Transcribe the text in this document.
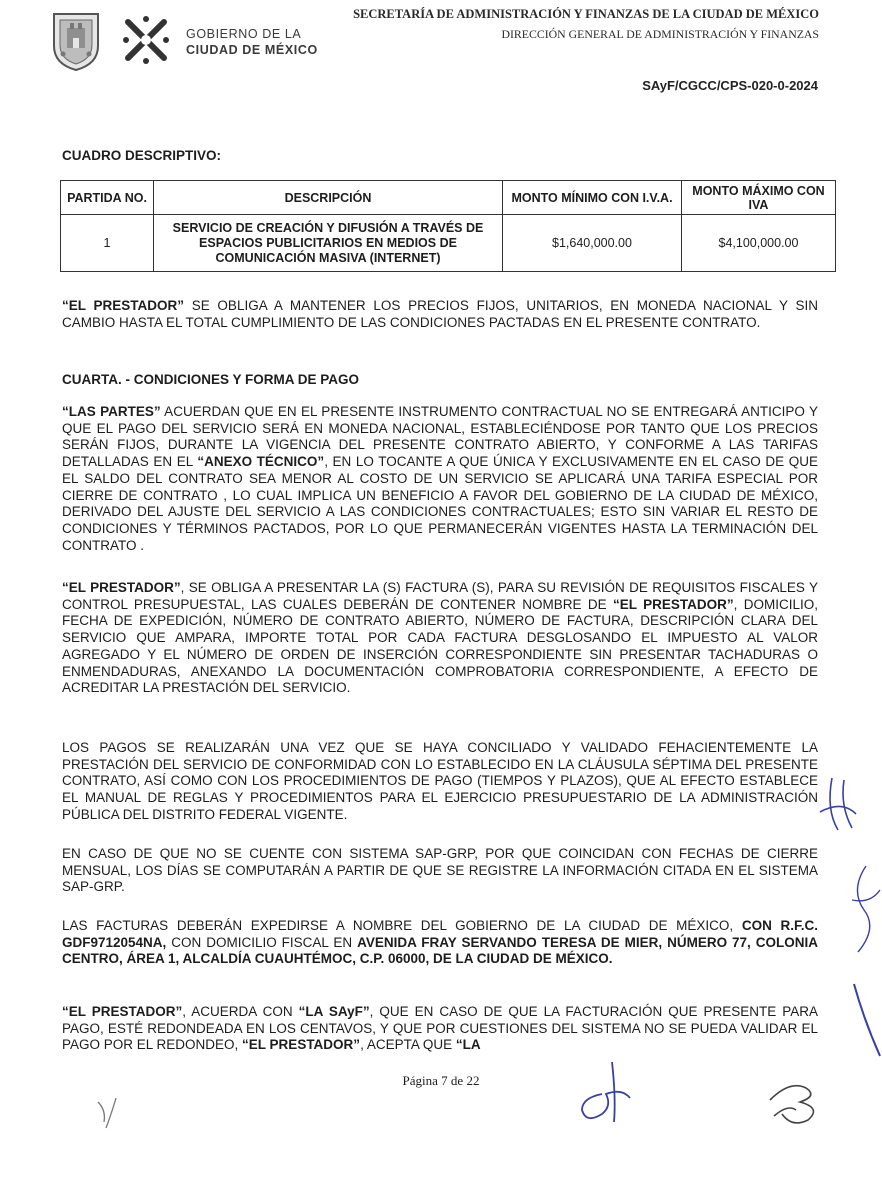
GOBIERNO DE LA
CIUDAD DE MÉXICO
SECRETARÍA DE ADMINISTRACIÓN Y FINANZAS DE LA CIUDAD DE MÉXICO
DIRECCIÓN GENERAL DE ADMINISTRACIÓN Y FINANZAS
SAyF/CGCC/CPS-020-0-2024
CUADRO DESCRIPTIVO:
PARTIDA NO.	DESCRIPCIÓN	MONTO MÍNIMO CON I.V.A.	MONTO MÁXIMO CON IVA
1	SERVICIO DE CREACIÓN Y DIFUSIÓN A TRAVÉS DE ESPACIOS PUBLICITARIOS EN MEDIOS DE COMUNICACIÓN MASIVA (INTERNET)	$1,640,000.00	$4,100,000.00
“EL PRESTADOR” SE OBLIGA A MANTENER LOS PRECIOS FIJOS, UNITARIOS, EN MONEDA NACIONAL Y SIN CAMBIO HASTA EL TOTAL CUMPLIMIENTO DE LAS CONDICIONES PACTADAS EN EL PRESENTE CONTRATO.
CUARTA. - CONDICIONES Y FORMA DE PAGO
“LAS PARTES” ACUERDAN QUE EN EL PRESENTE INSTRUMENTO CONTRACTUAL NO SE ENTREGARÁ ANTICIPO Y QUE EL PAGO DEL SERVICIO SERÁ EN MONEDA NACIONAL, ESTABLECIÉNDOSE POR TANTO QUE LOS PRECIOS SERÁN FIJOS, DURANTE LA VIGENCIA DEL PRESENTE CONTRATO ABIERTO, Y CONFORME A LAS TARIFAS DETALLADAS EN EL “ANEXO TÉCNICO”, EN LO TOCANTE A QUE ÚNICA Y EXCLUSIVAMENTE EN EL CASO DE QUE EL SALDO DEL CONTRATO SEA MENOR AL COSTO DE UN SERVICIO SE APLICARÁ UNA TARIFA ESPECIAL POR CIERRE DE CONTRATO , LO CUAL IMPLICA UN BENEFICIO A FAVOR DEL GOBIERNO DE LA CIUDAD DE MÉXICO, DERIVADO DEL AJUSTE DEL SERVICIO A LAS CONDICIONES CONTRACTUALES; ESTO SIN VARIAR EL RESTO DE CONDICIONES Y TÉRMINOS PACTADOS, POR LO QUE PERMANECERÁN VIGENTES HASTA LA TERMINACIÓN DEL CONTRATO .
“EL PRESTADOR”, SE OBLIGA A PRESENTAR LA (S) FACTURA (S), PARA SU REVISIÓN DE REQUISITOS FISCALES Y CONTROL PRESUPUESTAL, LAS CUALES DEBERÁN DE CONTENER NOMBRE DE “EL PRESTADOR”, DOMICILIO, FECHA DE EXPEDICIÓN, NÚMERO DE CONTRATO ABIERTO, NÚMERO DE FACTURA, DESCRIPCIÓN CLARA DEL SERVICIO QUE AMPARA, IMPORTE TOTAL POR CADA FACTURA DESGLOSANDO EL IMPUESTO AL VALOR AGREGADO Y EL NÚMERO DE ORDEN DE INSERCIÓN CORRESPONDIENTE SIN PRESENTAR TACHADURAS O ENMENDADURAS, ANEXANDO LA DOCUMENTACIÓN COMPROBATORIA CORRESPONDIENTE, A EFECTO DE ACREDITAR LA PRESTACIÓN DEL SERVICIO.
LOS PAGOS SE REALIZARÁN UNA VEZ QUE SE HAYA CONCILIADO Y VALIDADO FEHACIENTEMENTE LA PRESTACIÓN DEL SERVICIO DE CONFORMIDAD CON LO ESTABLECIDO EN LA CLÁUSULA SÉPTIMA DEL PRESENTE CONTRATO, ASÍ COMO CON LOS PROCEDIMIENTOS DE PAGO (TIEMPOS Y PLAZOS), QUE AL EFECTO ESTABLECE EL MANUAL DE REGLAS Y PROCEDIMIENTOS PARA EL EJERCICIO PRESUPUESTARIO DE LA ADMINISTRACIÓN PÚBLICA DEL DISTRITO FEDERAL VIGENTE.
EN CASO DE QUE NO SE CUENTE CON SISTEMA SAP-GRP, POR QUE COINCIDAN CON FECHAS DE CIERRE MENSUAL, LOS DÍAS SE COMPUTARÁN A PARTIR DE QUE SE REGISTRE LA INFORMACIÓN CITADA EN EL SISTEMA SAP-GRP.
LAS FACTURAS DEBERÁN EXPEDIRSE A NOMBRE DEL GOBIERNO DE LA CIUDAD DE MÉXICO, CON R.F.C. GDF9712054NA, CON DOMICILIO FISCAL EN AVENIDA FRAY SERVANDO TERESA DE MIER, NÚMERO 77, COLONIA CENTRO, ÁREA 1, ALCALDÍA CUAUHTÉMOC, C.P. 06000, DE LA CIUDAD DE MÉXICO.
“EL PRESTADOR”, ACUERDA CON “LA SAyF”, QUE EN CASO DE QUE LA FACTURACIÓN QUE PRESENTE PARA PAGO, ESTÉ REDONDEADA EN LOS CENTAVOS, Y QUE POR CUESTIONES DEL SISTEMA NO SE PUEDA VALIDAR EL PAGO POR EL REDONDEO, “EL PRESTADOR”, ACEPTA QUE “LA
Página 7 de 22
